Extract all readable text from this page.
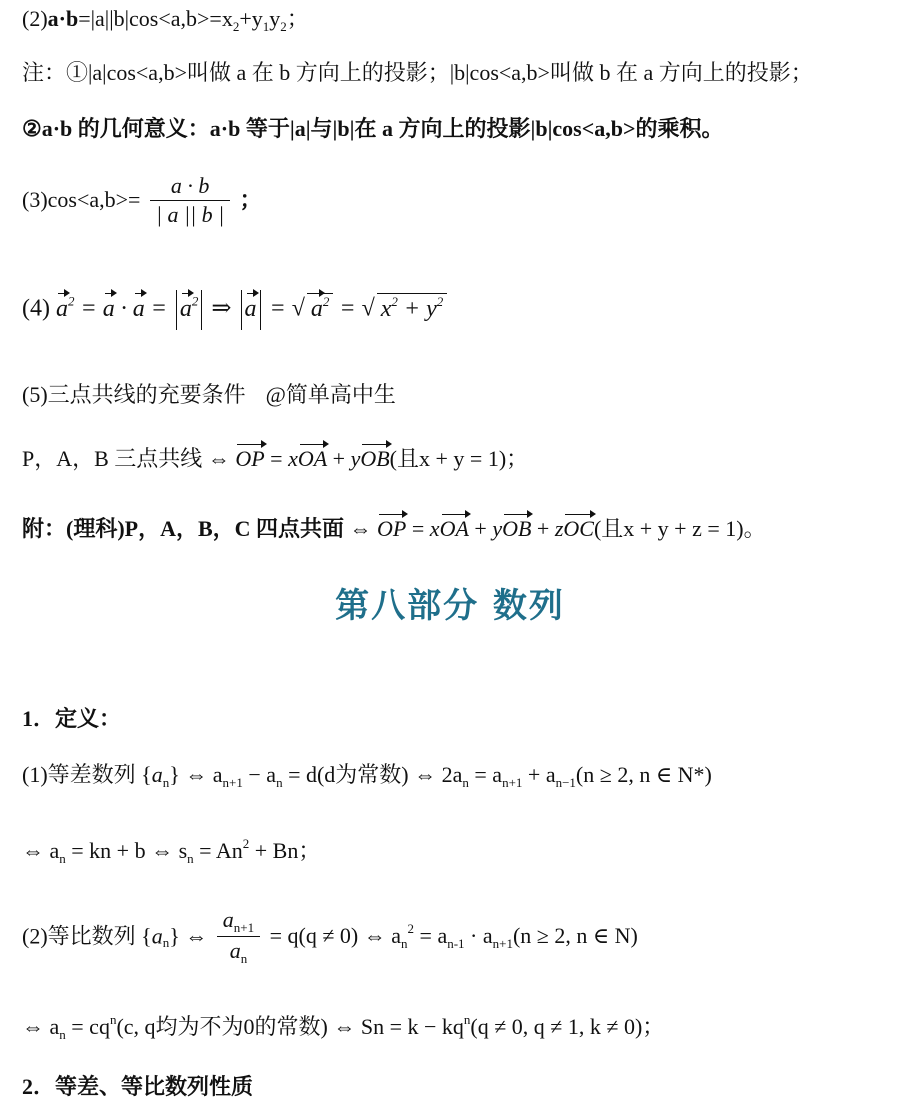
$(2)a\cdot b=|a||b|\cos<a,b>=x_2+y_1y_2$；
注：①|a|cos<a,b>叫做 a 在 b 方向上的投影；|b|cos<a,b>叫做 b 在 a 方向上的投影；
②a·b 的几何意义：a·b 等于|a|与|b|在 a 方向上的投影|b|cos<a,b>的乘积。
$(3)\cos<a,b>= \frac{a \cdot b}{| a || b |}$ ；
(4) $a^2 = a \cdot a = a^2$ ⇒ a = √ $a^2$ = √ $x^2 + y^2$
(5)三点共线的充要条件 @简单高中生
P，A，B 三点共线 ⇔ OP = xOA + yOB(且x + y = 1)；
附：(理科)P，A，B，C 四点共面 ⇔ OP = xOA + yOB + zOC(且x + y + z = 1)。
第八部分 数列
1．定义：
(1)等差数列 $\{a_n\}$ ⇔ $a_{n+1} - a_n = d(d$为常数) ⇔ $2a_n = a_{n+1} + a_{n-1}(n \ge 2$, n ∈ N*)
⇔ $a_n$ = kn + b ⇔ $s_n = An^2 + Bn$；
(2)等比数列 $\{a_n\}$ ⇔ $\frac{a_{n+1}}{a_n} = q(q \ne 0)$ ⇔ $a_n^2 = a_{n-1} \cdot a_{n+1}(n \ge 2$, n ∈ N)
⇔ $a_n = cq^n(c$, q均为不为0的常数) ⇔ $Sn = k - kq^n(q \ne 0$, q ≠ 1, k ≠ 0)；
2．等差、等比数列性质
